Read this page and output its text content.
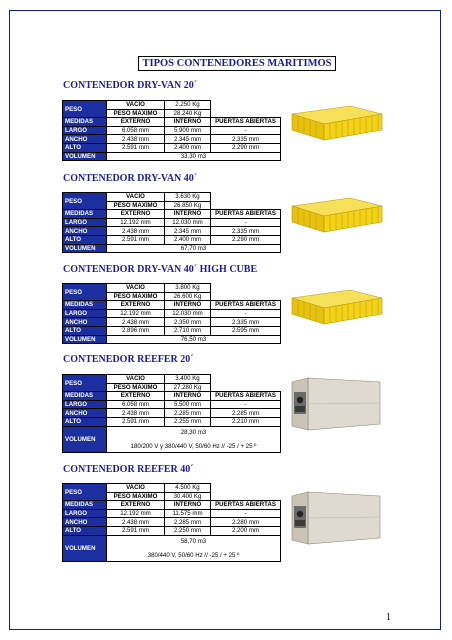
TIPOS CONTENEDORES MARITIMOS
1
CONTENEDOR DRY-VAN 20´
PESO	VACIO	2.250 Kg	
	PESO MAXIMO	28.240 Kg	
MEDIDAS	EXTERNO	INTERNO	PUERTAS ABIERTAS
LARGO	6.058 mm	5.900 mm	-
ANCHO	2.438 mm	2.345 mm	2.335 mm
ALTO	2.591 mm	2.400 mm	2.290 mm
VOLUMEN	33,30 m3		
CONTENEDOR DRY-VAN 40´
PESO	VACIO	3.630 Kg	
	PESO MAXIMO	26.850 Kg	
MEDIDAS	EXTERNO	INTERNO	PUERTAS ABIERTAS
LARGO	12.192 mm	12.030 mm	-
ANCHO	2.438 mm	2.345 mm	2.335 mm
ALTO	2.591 mm	2.400 mm	2.290 mm
VOLUMEN	67,70 m3		
CONTENEDOR DRY-VAN 40´ HIGH CUBE
PESO	VACIO	3.800 Kg	
	PESO MAXIMO	26.600 Kg	
MEDIDAS	EXTERNO	INTERNO	PUERTAS ABIERTAS
LARGO	12.192 mm	12.030 mm	-
ANCHO	2.438 mm	2.350 mm	2.335 mm
ALTO	2.896 mm	2.710 mm	2.595 mm
VOLUMEN	76,50 m3		
CONTENEDOR REEFER 20´
PESO	VACIO	3.400 Kg	
	PESO MAXIMO	27.280 Kg	
MEDIDAS	EXTERNO	INTERNO	PUERTAS ABIERTAS
LARGO	6.058 mm	5.500 mm	-
ANCHO	2.438 mm	2.285 mm	2.285 mm
ALTO	2.591 mm	2.255 mm	2.210 mm
VOLUMEN	28,30 m3
180/200 V y 380/440 V, 50/60 Hz // -25 / + 25 º		
CONTENEDOR REEFER 40´
PESO	VACIO	4.500 Kg	
	PESO MAXIMO	30.400 Kg	
MEDIDAS	EXTERNO	INTERNO	PUERTAS ABIERTAS
LARGO	12.192 mm	11.575 mm	-
ANCHO	2.438 mm	2.285 mm	2.280 mm
ALTO	2.591 mm	2.250 mm	2.200 mm
VOLUMEN	58,70 m3
380/440 V, 50/60 Hz // -25 / + 25 º		
